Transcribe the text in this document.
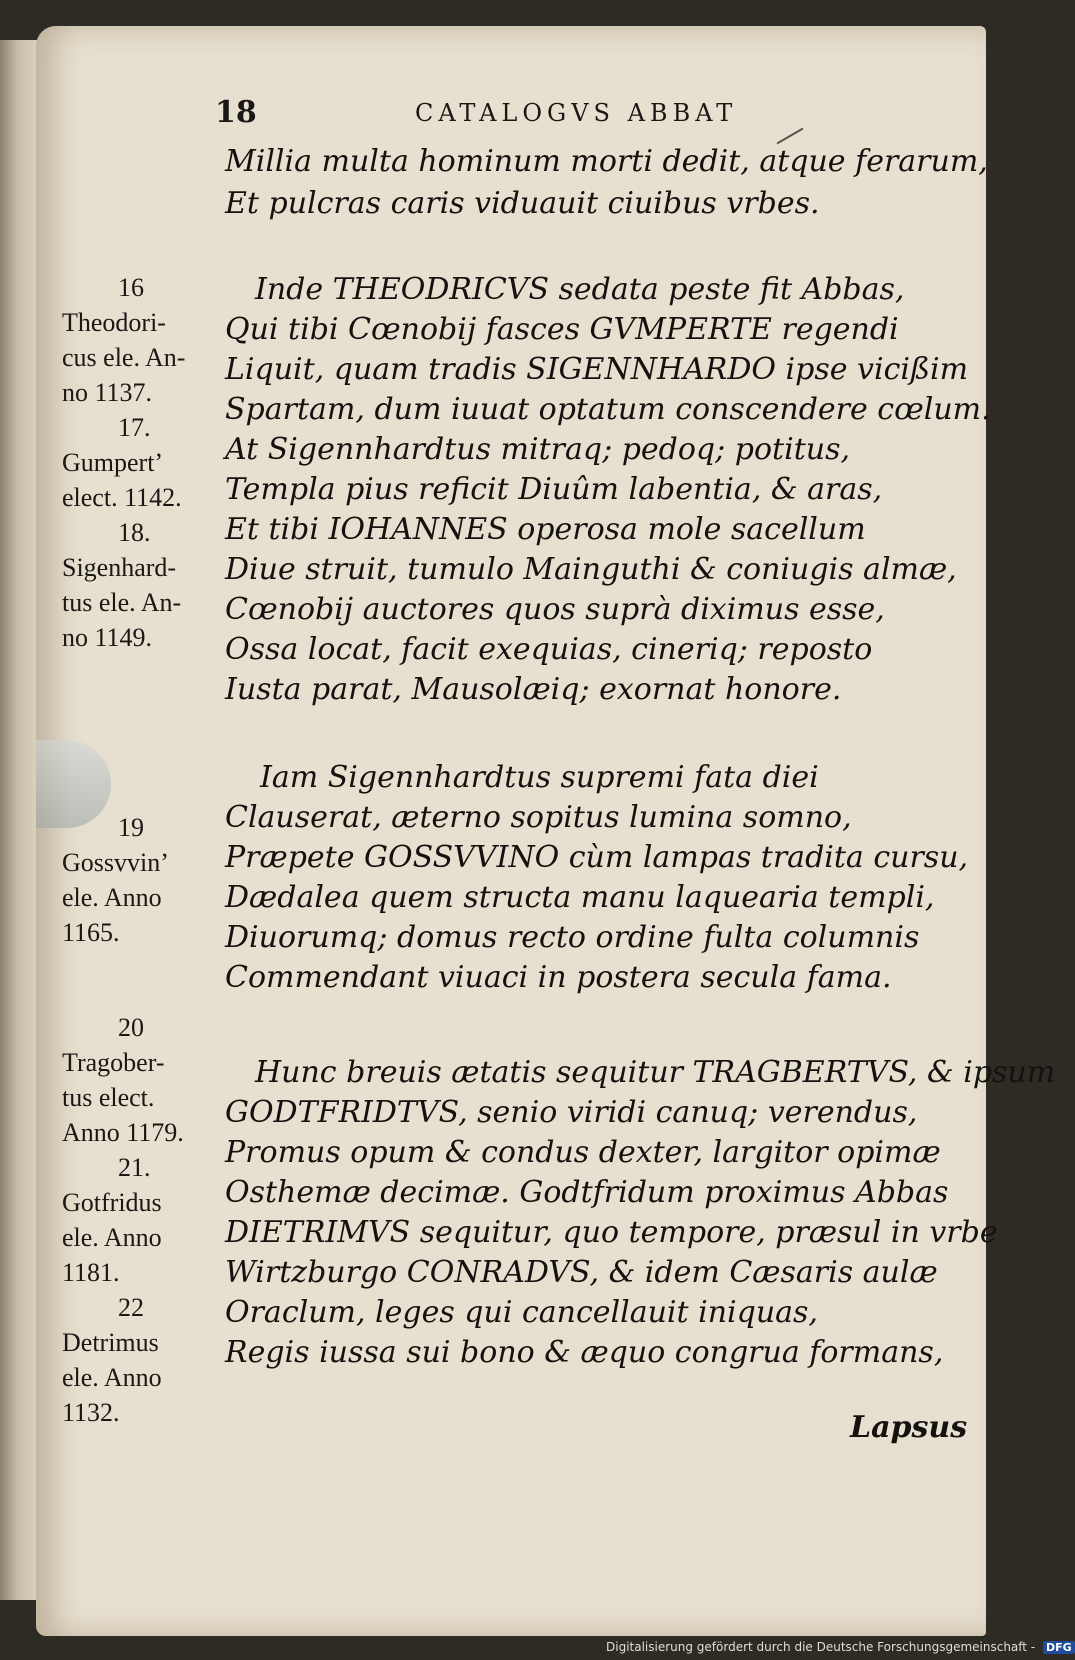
18	CATALOGVS ABBAT
Millia multa hominum morti dedit, atque ferarum,
Et pulcras caris viduauit ciuibus vrbes.
Inde THEODRICVS sedata peste fit Abbas,
Qui tibi Cœnobij fasces GVMPERTE regendi
Liquit, quam tradis SIGENNHARDO ipse vicißim
Spartam, dum iuuat optatum conscendere cœlum.
At Sigennhardtus mitraq; pedoq; potitus,
Templa pius reficit Diuûm labentia, & aras,
Et tibi IOHANNES operosa mole sacellum
Diue struit, tumulo Mainguthi & coniugis almæ,
Cœnobij auctores quos suprà diximus esse,
Ossa locat, facit exequias, cineriq; reposto
Iusta parat, Mausolæiq; exornat honore.
Iam Sigennhardtus supremi fata diei
Clauserat, æterno sopitus lumina somno,
Præpete GOSSVVINO cùm lampas tradita cursu,
Dædalea quem structa manu laquearia templi,
Diuorumq; domus recto ordine fulta columnis
Commendant viuaci in postera secula fama.
Hunc breuis ætatis sequitur TRAGBERTVS, & ipsum
GODTFRIDTVS, senio viridi canuq; verendus,
Promus opum & condus dexter, largitor opimæ
Osthemæ decimæ. Godtfridum proximus Abbas
DIETRIMVS sequitur, quo tempore, præsul in vrbe
Wirtzburgo CONRADVS, & idem Cæsaris aulæ
Oraclum, leges qui cancellauit iniquas,
Regis iussa sui bono & æquo congrua formans,
16
Theodori-
cus ele. An-
no 1137.
17.
Gumpert’
elect. 1142.
18.
Sigenhard-
tus ele. An-
no 1149.
19
Gossvvin’
ele. Anno
1165.
20
Tragober-
tus elect.
Anno 1179.
21.
Gotfridus
ele. Anno
1181.
22
Detrimus
ele. Anno
1132.	Lapsus
Digitalisierung gefördert durch die Deutsche Forschungsgemeinschaft - DFG
